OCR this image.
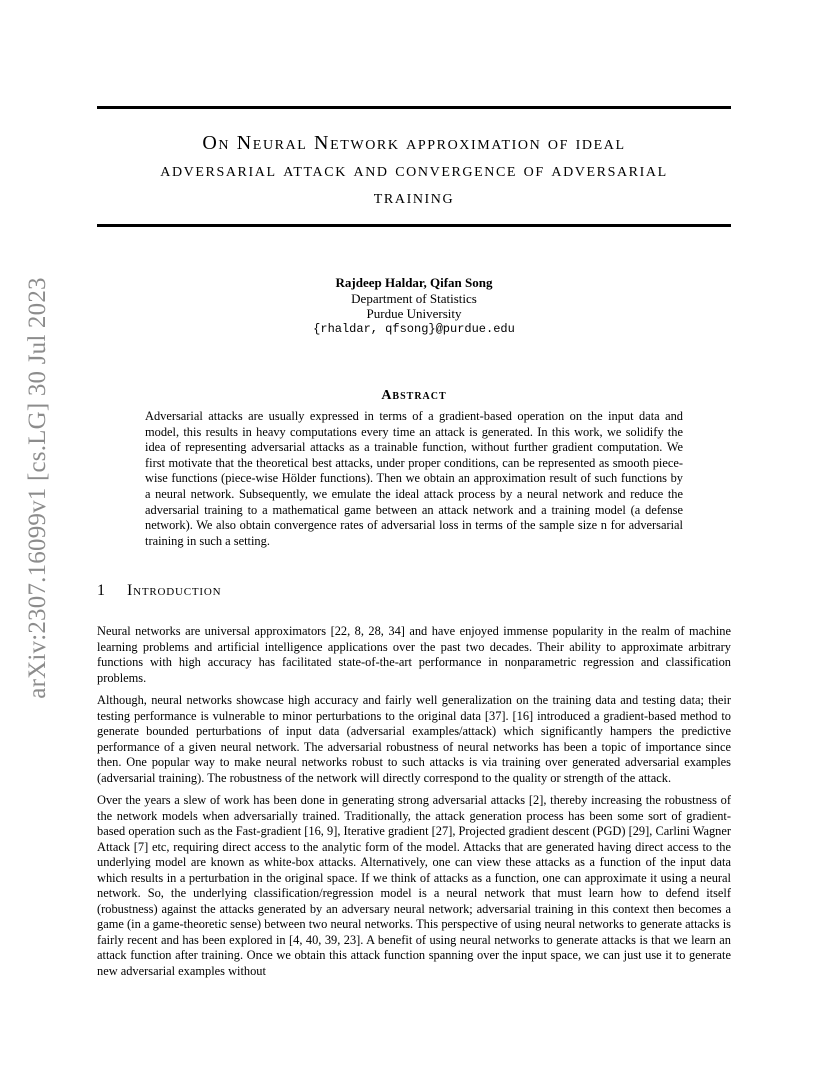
arXiv:2307.16099v1 [cs.LG] 30 Jul 2023
On Neural Network approximation of ideal
adversarial attack and convergence of adversarial
training
Rajdeep Haldar, Qifan Song
Department of Statistics
Purdue University
{rhaldar, qfsong}@purdue.edu
Abstract
Adversarial attacks are usually expressed in terms of a gradient-based operation on the input data and model, this results in heavy computations every time an attack is generated. In this work, we solidify the idea of representing adversarial attacks as a trainable function, without further gradient computation. We first motivate that the theoretical best attacks, under proper conditions, can be represented as smooth piece-wise functions (piece-wise Hölder functions). Then we obtain an approximation result of such functions by a neural network. Subsequently, we emulate the ideal attack process by a neural network and reduce the adversarial training to a mathematical game between an attack network and a training model (a defense network). We also obtain convergence rates of adversarial loss in terms of the sample size n for adversarial training in such a setting.
1 Introduction

Neural networks are universal approximators [22, 8, 28, 34] and have enjoyed immense popularity in the realm of machine learning problems and artificial intelligence applications over the past two decades. Their ability to approximate arbitrary functions with high accuracy has facilitated state-of-the-art performance in nonparametric regression and classification problems.

Although, neural networks showcase high accuracy and fairly well generalization on the training data and testing data; their testing performance is vulnerable to minor perturbations to the original data [37]. [16] introduced a gradient-based method to generate bounded perturbations of input data (adversarial examples/attack) which significantly hampers the predictive performance of a given neural network. The adversarial robustness of neural networks has been a topic of importance since then. One popular way to make neural networks robust to such attacks is via training over generated adversarial examples (adversarial training). The robustness of the network will directly correspond to the quality or strength of the attack.

Over the years a slew of work has been done in generating strong adversarial attacks [2], thereby increasing the robustness of the network models when adversarially trained. Traditionally, the attack generation process has been some sort of gradient-based operation such as the Fast-gradient [16, 9], Iterative gradient [27], Projected gradient descent (PGD) [29], Carlini Wagner Attack [7] etc, requiring direct access to the analytic form of the model. Attacks that are generated having direct access to the underlying model are known as white-box attacks. Alternatively, one can view these attacks as a function of the input data which results in a perturbation in the original space. If we think of attacks as a function, one can approximate it using a neural network. So, the underlying classification/regression model is a neural network that must learn how to defend itself (robustness) against the attacks generated by an adversary neural network; adversarial training in this context then becomes a game (in a game-theoretic sense) between two neural networks. This perspective of using neural networks to generate attacks is fairly recent and has been explored in [4, 40, 39, 23]. A benefit of using neural networks to generate attacks is that we learn an attack function after training. Once we obtain this attack function spanning over the input space, we can just use it to generate new adversarial examples without
